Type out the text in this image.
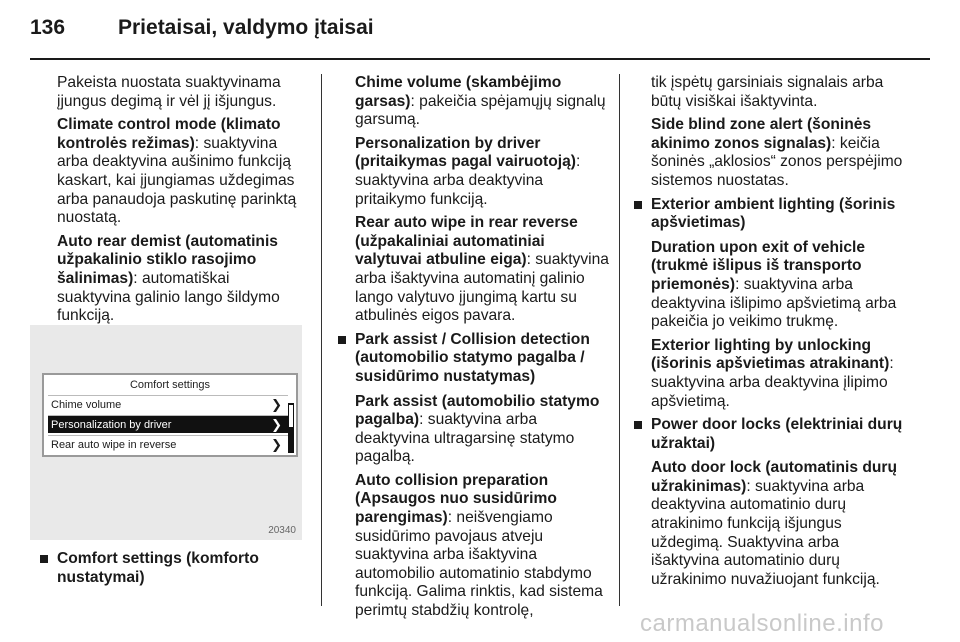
136	Prietaisai, valdymo įtaisai

Pakeista nuostata suaktyvinama įjungus degimą ir vėl jį išjungus.

Climate control mode (klimato kontrolės režimas): suaktyvina arba deaktyvina aušinimo funkciją kaskart, kai įjungiamas uždegimas arba panaudoja paskutinę parinktą nuostatą.

Auto rear demist (automatinis užpakalinio stiklo rasojimo šalinimas): automatiškai suaktyvina galinio lango šildymo funkciją.

Comfort settings
Chime volume	❯
Personalization by driver	❯
Rear auto wipe in reverse	❯
20340
Comfort settings (komforto nustatymai)

Chime volume (skambėjimo garsas): pakeičia spėjamųjų signalų garsumą.

Personalization by driver (pritaikymas pagal vairuotoją): suaktyvina arba deaktyvina pritaikymo funkciją.

Rear auto wipe in rear reverse (užpakaliniai automatiniai valytuvai atbuline eiga): suaktyvina arba išaktyvina automatinį galinio lango valytuvo įjungimą kartu su atbulinės eigos pavara.

Park assist / Collision detection (automobilio statymo pagalba / susidūrimo nustatymas)

Park assist (automobilio statymo pagalba): suaktyvina arba deaktyvina ultragarsinę statymo pagalbą.

Auto collision preparation (Apsaugos nuo susidūrimo parengimas): neišvengiamo susidūrimo pavojaus atveju suaktyvina arba išaktyvina automobilio automatinio stabdymo funkciją. Galima rinktis, kad sistema perimtų stabdžių kontrolę,

tik įspėtų garsiniais signalais arba būtų visiškai išaktyvinta.

Side blind zone alert (šoninės akinimo zonos signalas): keičia šoninės „aklosios“ zonos perspėjimo sistemos nuostatas.

Exterior ambient lighting (šorinis apšvietimas)

Duration upon exit of vehicle (trukmė išlipus iš transporto priemonės): suaktyvina arba deaktyvina išlipimo apšvietimą arba pakeičia jo veikimo trukmę.

Exterior lighting by unlocking (išorinis apšvietimas atrakinant): suaktyvina arba deaktyvina įlipimo apšvietimą.

Power door locks (elektriniai durų užraktai)

Auto door lock (automatinis durų užrakinimas): suaktyvina arba deaktyvina automatinio durų atrakinimo funkciją išjungus uždegimą. Suaktyvina arba išaktyvina automatinio durų užrakinimo nuvažiuojant funkciją.

carmanualsonline.info
